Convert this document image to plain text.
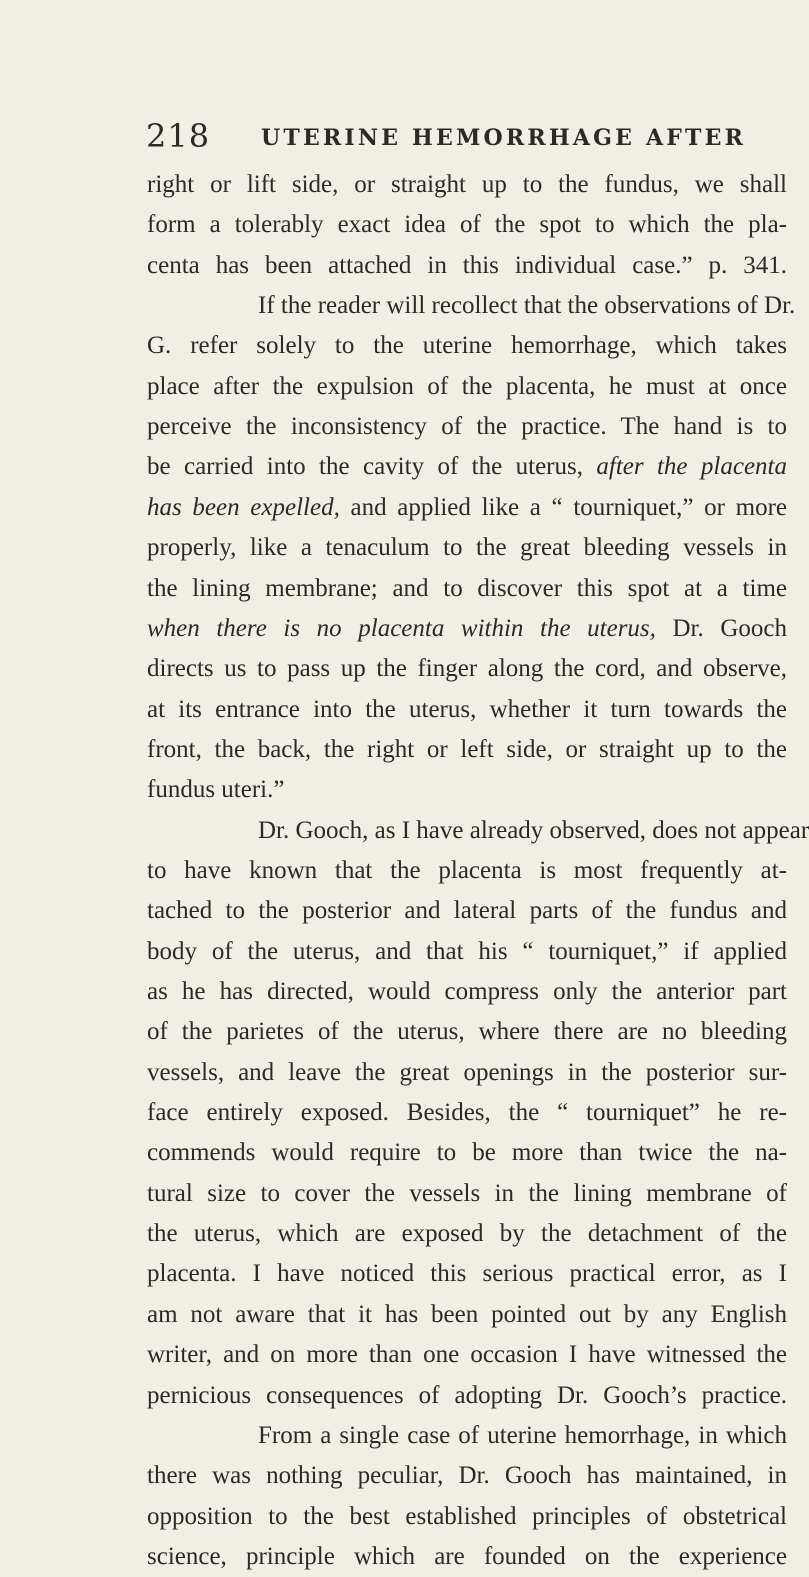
218 UTERINE HEMORRHAGE AFTER
right or lift side, or straight up to the fundus, we shall
form a tolerably exact idea of the spot to which the pla-
centa has been attached in this individual case.” p. 341.
If the reader will recollect that the observations of Dr.
G. refer solely to the uterine hemorrhage, which takes
place after the expulsion of the placenta, he must at once
perceive the inconsistency of the practice. The hand is to
be carried into the cavity of the uterus, after the placenta
has been expelled, and applied like a “ tourniquet,” or more
properly, like a tenaculum to the great bleeding vessels in
the lining membrane; and to discover this spot at a time
when there is no placenta within the uterus, Dr. Gooch
directs us to pass up the finger along the cord, and observe,
at its entrance into the uterus, whether it turn towards the
front, the back, the right or left side, or straight up to the
fundus uteri.”
Dr. Gooch, as I have already observed, does not appear
to have known that the placenta is most frequently at-
tached to the posterior and lateral parts of the fundus and
body of the uterus, and that his “ tourniquet,” if applied
as he has directed, would compress only the anterior part
of the parietes of the uterus, where there are no bleeding
vessels, and leave the great openings in the posterior sur-
face entirely exposed. Besides, the “ tourniquet” he re-
commends would require to be more than twice the na-
tural size to cover the vessels in the lining membrane of
the uterus, which are exposed by the detachment of the
placenta. I have noticed this serious practical error, as I
am not aware that it has been pointed out by any English
writer, and on more than one occasion I have witnessed the
pernicious consequences of adopting Dr. Gooch’s practice.
From a single case of uterine hemorrhage, in which
there was nothing peculiar, Dr. Gooch has maintained, in
opposition to the best established principles of obstetrical
science, principle which are founded on the experience
